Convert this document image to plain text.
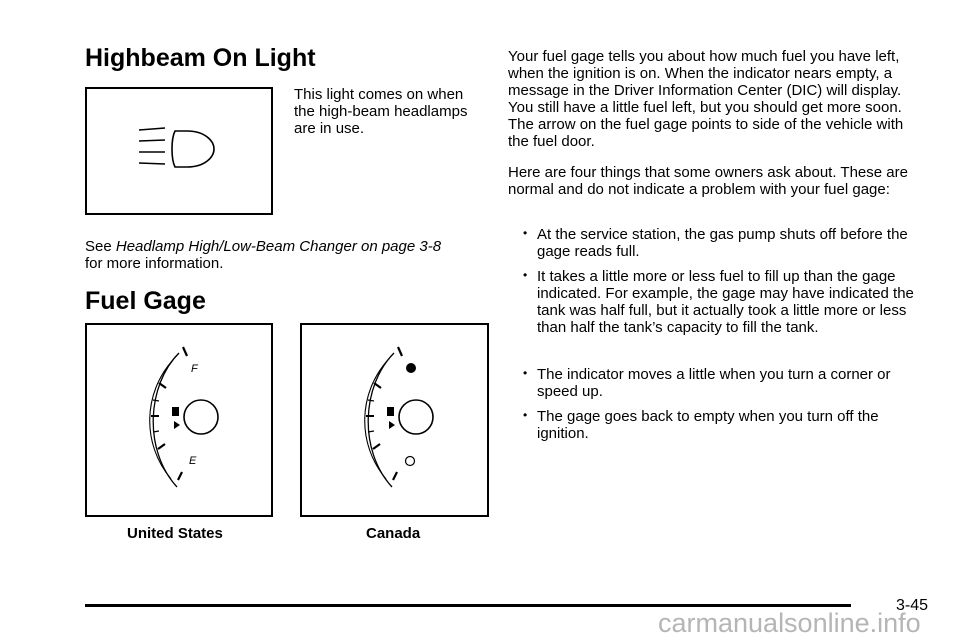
Highbeam On Light
This light comes on when the high-beam headlamps are in use.
See Headlamp High/Low-Beam Changer on page 3-8
for more information.
Fuel Gage
F
E
United States	Canada
Your fuel gage tells you about how much fuel you have left, when the ignition is on. When the indicator nears empty, a message in the Driver Information Center (DIC) will display. You still have a little fuel left, but you should get more soon. The arrow on the fuel gage points to side of the vehicle with the fuel door.
Here are four things that some owners ask about. These are normal and do not indicate a problem with your fuel gage:
• At the service station, the gas pump shuts off before the gage reads full.
• It takes a little more or less fuel to fill up than the gage indicated. For example, the gage may have indicated the tank was half full, but it actually took a little more or less than half the tank’s capacity to fill the tank.
• The indicator moves a little when you turn a corner or speed up.
• The gage goes back to empty when you turn off the ignition.
3-45
carmanualsonline.info
